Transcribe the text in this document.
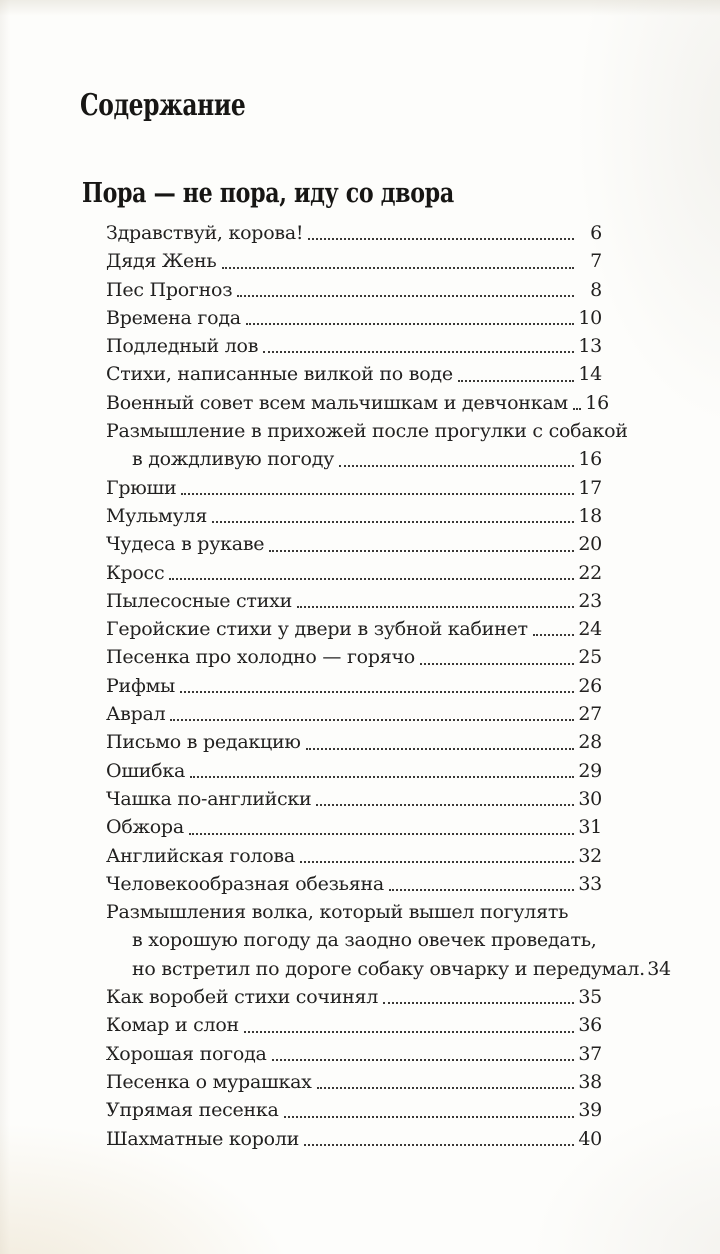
Содержание
Пора — не пора, иду со двора
Здравствуй, корова!	6
Дядя Жень	7
Пес Прогноз	8
Времена года	10
Подледный лов	13
Стихи, написанные вилкой по воде	14
Военный совет всем мальчишкам и девчонкам 16
Размышление в прихожей после прогулки с собакой
в дождливую погоду	16
Грюши	17
Мульмуля	18
Чудеса в рукаве	20
Кросс	22
Пылесосные стихи	23
Геройские стихи у двери в зубной кабинет	24
Песенка про холодно — горячо	25
Рифмы	26
Аврал	27
Письмо в редакцию	28
Ошибка	29
Чашка по-английски	30
Обжора	31
Английская голова	32
Человекообразная обезьяна	33
Размышления волка, который вышел погулять
в хорошую погоду да заодно овечек проведать,
но встретил по дороге собаку овчарку и передумал. 34
Как воробей стихи сочинял	35
Комар и слон	36
Хорошая погода	37
Песенка о мурашках	38
Упрямая песенка	39
Шахматные короли	40
